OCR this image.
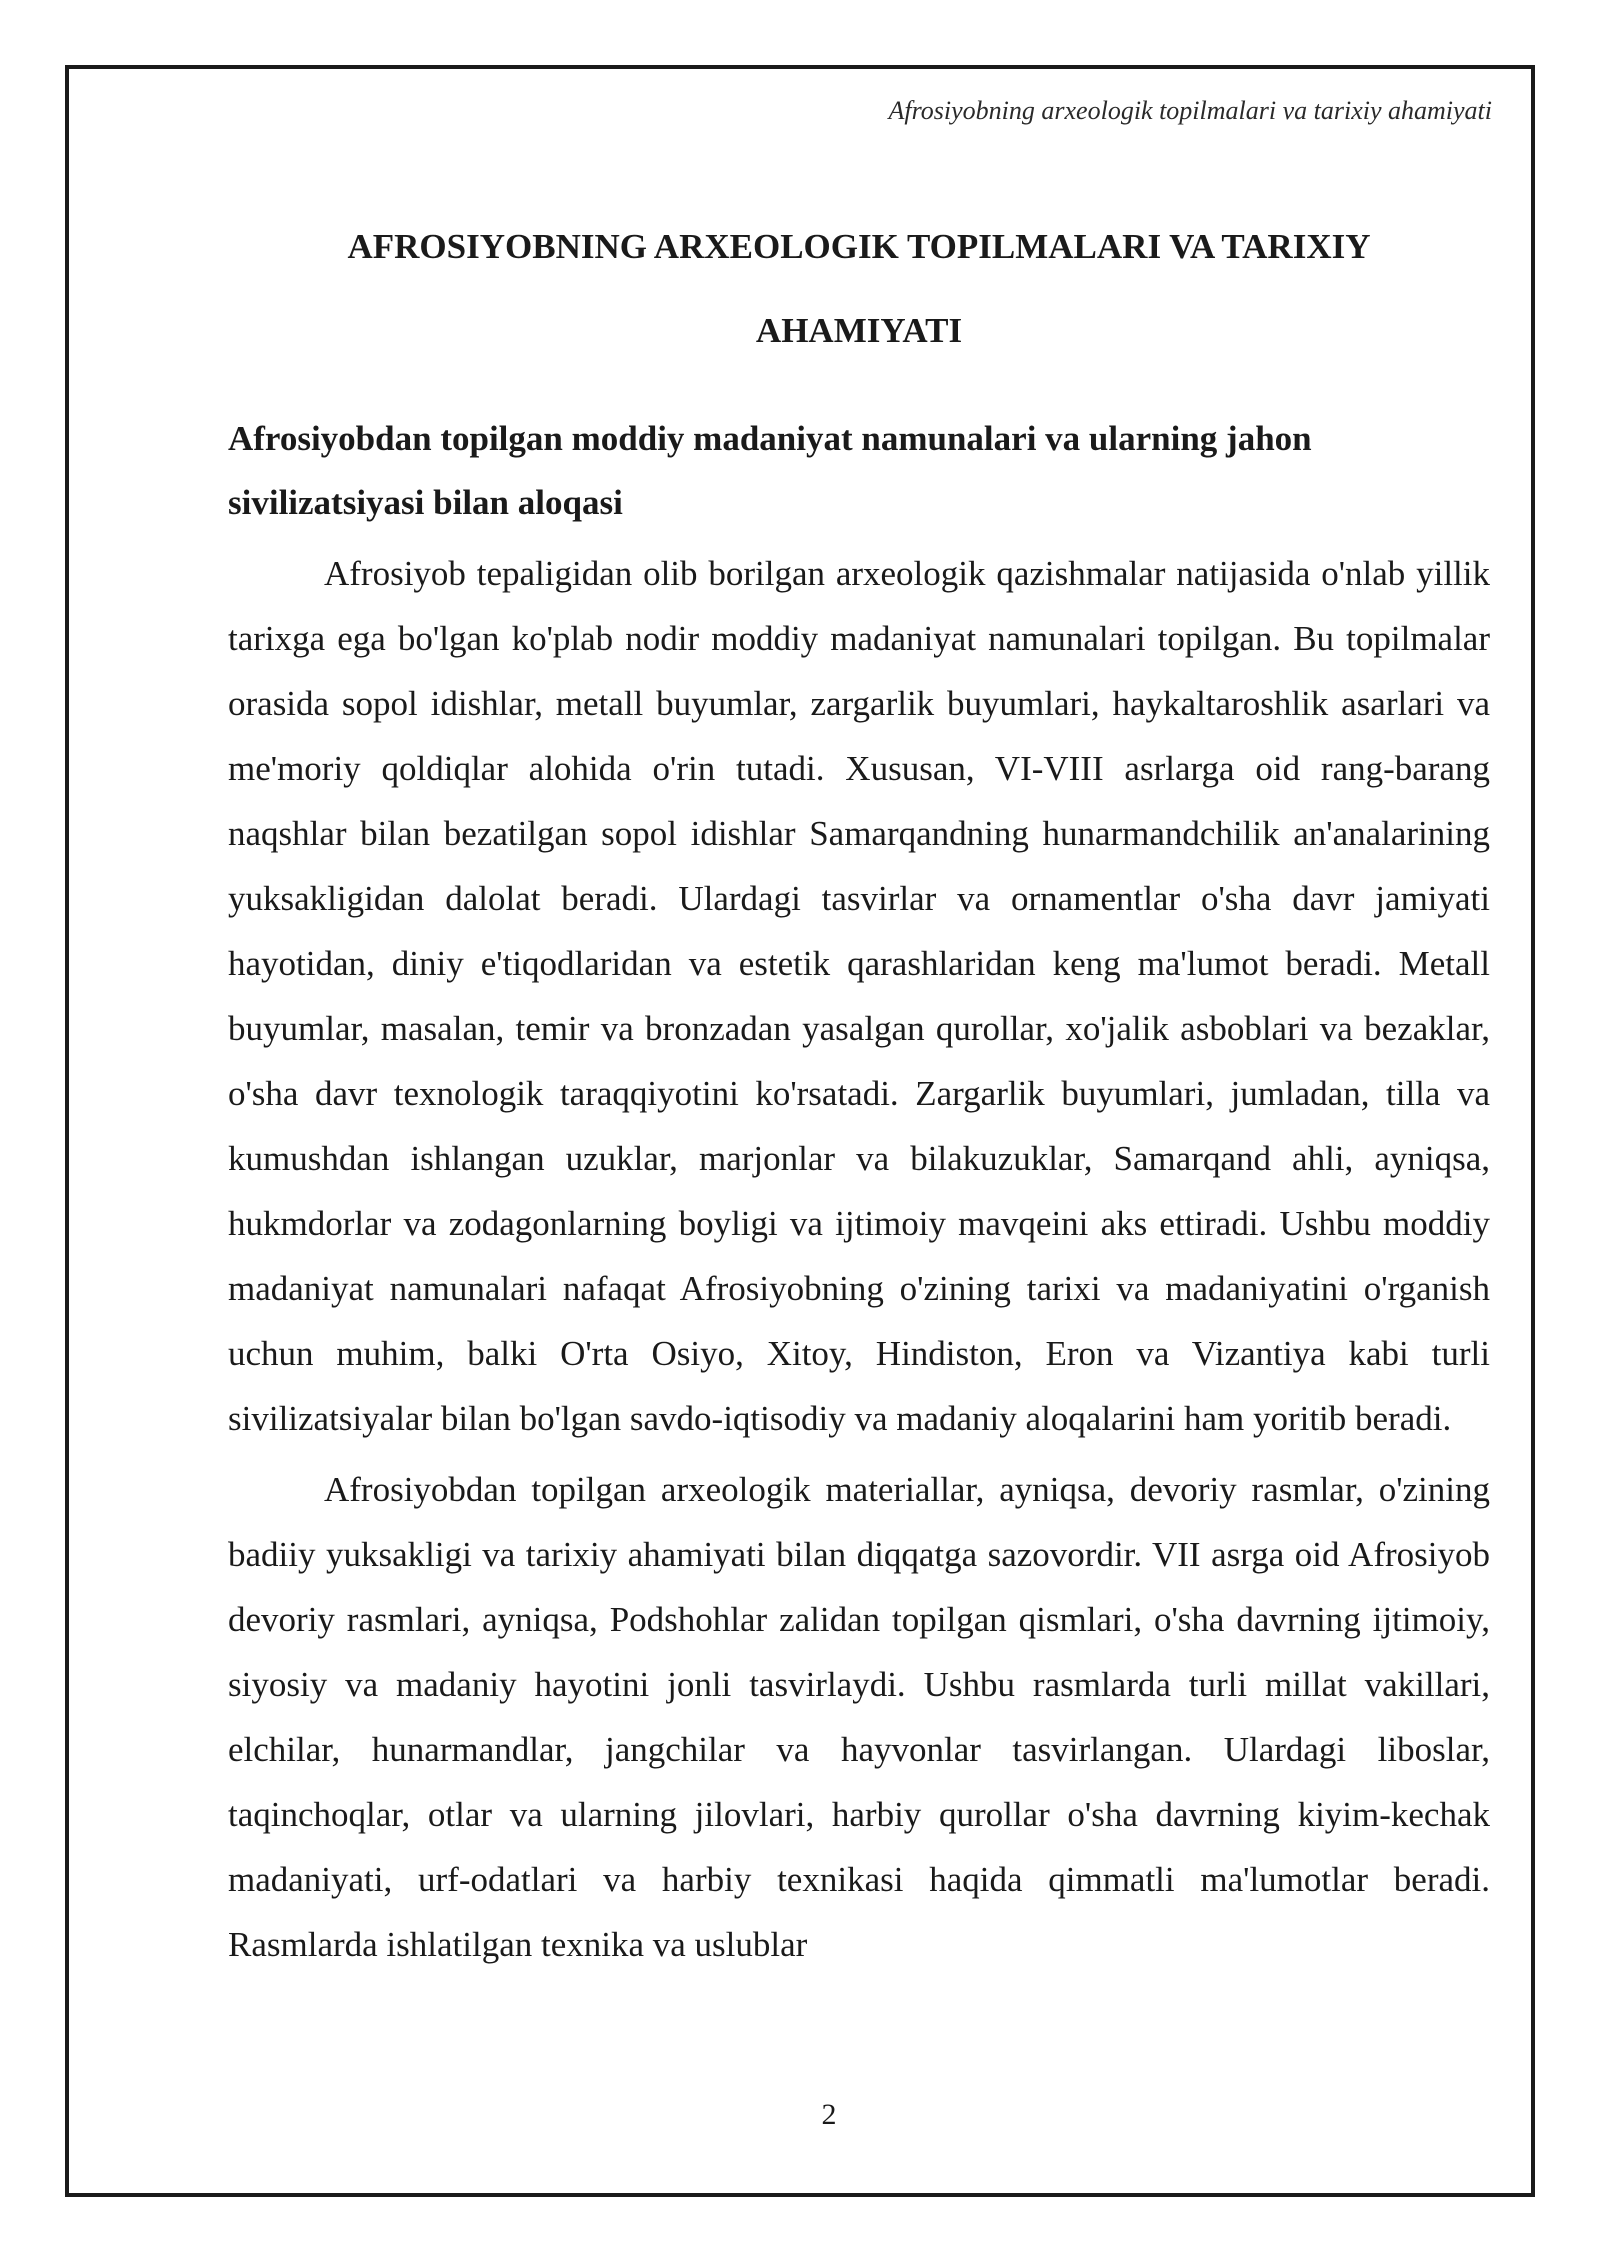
Afrosiyobning arxeologik topilmalari va tarixiy ahamiyati
AFROSIYOBNING ARXEOLOGIK TOPILMALARI VA TARIXIY AHAMIYATI
Afrosiyobdan topilgan moddiy madaniyat namunalari va ularning jahon sivilizatsiyasi bilan aloqasi

Afrosiyob tepaligidan olib borilgan arxeologik qazishmalar natijasida o'nlab yillik tarixga ega bo'lgan ko'plab nodir moddiy madaniyat namunalari topilgan. Bu topilmalar orasida sopol idishlar, metall buyumlar, zargarlik buyumlari, haykaltaroshlik asarlari va me'moriy qoldiqlar alohida o'rin tutadi. Xususan, VI-VIII asrlarga oid rang-barang naqshlar bilan bezatilgan sopol idishlar Samarqandning hunarmandchilik an'analarining yuksakligidan dalolat beradi. Ulardagi tasvirlar va ornamentlar o'sha davr jamiyati hayotidan, diniy e'tiqodlaridan va estetik qarashlaridan keng ma'lumot beradi. Metall buyumlar, masalan, temir va bronzadan yasalgan qurollar, xo'jalik asboblari va bezaklar, o'sha davr texnologik taraqqiyotini ko'rsatadi. Zargarlik buyumlari, jumladan, tilla va kumushdan ishlangan uzuklar, marjonlar va bilakuzuklar, Samarqand ahli, ayniqsa, hukmdorlar va zodagonlarning boyligi va ijtimoiy mavqeini aks ettiradi. Ushbu moddiy madaniyat namunalari nafaqat Afrosiyobning o'zining tarixi va madaniyatini o'rganish uchun muhim, balki O'rta Osiyo, Xitoy, Hindiston, Eron va Vizantiya kabi turli sivilizatsiyalar bilan bo'lgan savdo-iqtisodiy va madaniy aloqalarini ham yoritib beradi.

Afrosiyobdan topilgan arxeologik materiallar, ayniqsa, devoriy rasmlar, o'zining badiiy yuksakligi va tarixiy ahamiyati bilan diqqatga sazovordir. VII asrga oid Afrosiyob devoriy rasmlari, ayniqsa, Podshohlar zalidan topilgan qismlari, o'sha davrning ijtimoiy, siyosiy va madaniy hayotini jonli tasvirlaydi. Ushbu rasmlarda turli millat vakillari, elchilar, hunarmandlar, jangchilar va hayvonlar tasvirlangan. Ulardagi liboslar, taqinchoqlar, otlar va ularning jilovlari, harbiy qurollar o'sha davrning kiyim-kechak madaniyati, urf-odatlari va harbiy texnikasi haqida qimmatli ma'lumotlar beradi. Rasmlarda ishlatilgan texnika va uslublar

2
